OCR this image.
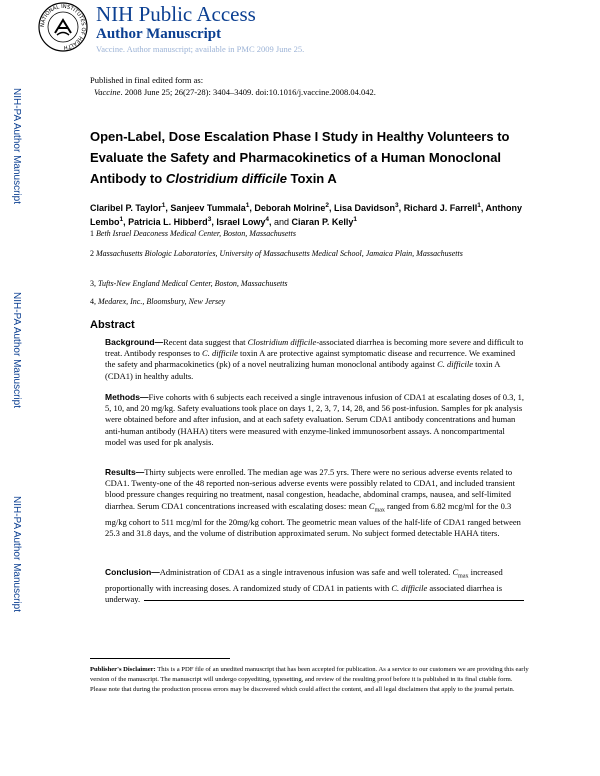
NATIONAL INSTITUTES OF HEALTH
NIH Public Access
Author Manuscript
Vaccine. Author manuscript; available in PMC 2009 June 25.
NIH-PA Author Manuscript
NIH-PA Author Manuscript
NIH-PA Author Manuscript
Published in final edited form as:
Vaccine. 2008 June 25; 26(27-28): 3404–3409. doi:10.1016/j.vaccine.2008.04.042.
Open-Label, Dose Escalation Phase I Study in Healthy Volunteers to Evaluate the Safety and Pharmacokinetics of a Human Monoclonal Antibody to Clostridium difficile Toxin A
Claribel P. Taylor$^1$, Sanjeev Tummala$^1$, Deborah Molrine$^2$, Lisa Davidson$^3$, Richard J. Farrell$^1$, Anthony Lembo$^1$, Patricia L. Hibberd$^3$, Israel Lowy$^4$, and Ciaran P. Kelly$^1$
1 Beth Israel Deaconess Medical Center, Boston, Massachusetts
2 Massachusetts Biologic Laboratories, University of Massachusetts Medical School, Jamaica Plain, Massachusetts
3, Tufts-New England Medical Center, Boston, Massachusetts
4, Medarex, Inc., Bloomsbury, New Jersey
Abstract
Background—Recent data suggest that Clostridium difficile-associated diarrhea is becoming more severe and difficult to treat. Antibody responses to C. difficile toxin A are protective against symptomatic disease and recurrence. We examined the safety and pharmacokinetics (pk) of a novel neutralizing human monoclonal antibody against C. difficile toxin A (CDA1) in healthy adults.
Methods—Five cohorts with 6 subjects each received a single intravenous infusion of CDA1 at escalating doses of 0.3, 1, 5, 10, and 20 mg/kg. Safety evaluations took place on days 1, 2, 3, 7, 14, 28, and 56 post-infusion. Samples for pk analysis were obtained before and after infusion, and at each safety evaluation. Serum CDA1 antibody concentrations and human anti-human antibody (HAHA) titers were measured with enzyme-linked immunosorbent assays. A noncompartmental model was used for pk analysis.
Results—Thirty subjects were enrolled. The median age was 27.5 yrs. There were no serious adverse events related to CDA1. Twenty-one of the 48 reported non-serious adverse events were possibly related to CDA1, and included transient blood pressure changes requiring no treatment, nasal congestion, headache, abdominal cramps, nausea, and self-limited diarrhea. Serum CDA1 concentrations increased with escalating doses: mean $C_{max}$ ranged from 6.82 mcg/ml for the 0.3 mg/kg cohort to 511 mcg/ml for the 20mg/kg cohort. The geometric mean values of the half-life of CDA1 ranged between 25.3 and 31.8 days, and the volume of distribution approximated serum. No subject formed detectable HAHA titers.
Conclusion—Administration of CDA1 as a single intravenous infusion was safe and well tolerated. $C_{max}$ increased proportionally with increasing doses. A randomized study of CDA1 in patients with C. difficile associated diarrhea is underway.
Publisher's Disclaimer: This is a PDF file of an unedited manuscript that has been accepted for publication. As a service to our customers we are providing this early version of the manuscript. The manuscript will undergo copyediting, typesetting, and review of the resulting proof before it is published in its final citable form. Please note that during the production process errors may be discovered which could affect the content, and all legal disclaimers that apply to the journal pertain.
